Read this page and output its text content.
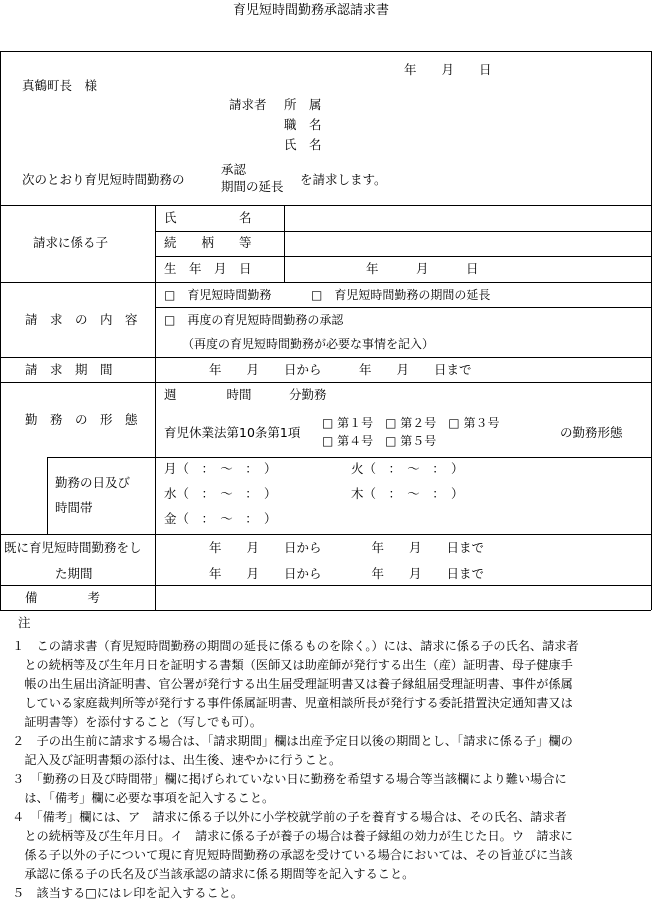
育児短時間勤務承認請求書
年　　月　　日
真鶴町長　様
請求者 所　属
職　名
氏　名
次のとおり育児短時間勤務の
承認
期間の延長 を請求します。
請求に係る子
氏　　　　　名
続　　柄　　等
生　年　月　日	年　　　月　　　日
請　求　の　内　容
□　育児短時間勤務	□　育児短時間勤務の期間の延長
□　再度の育児短時間勤務の承認
（再度の育児短時間勤務が必要な事情を記入）
請　求　期　間	年　　月　　日から　　　年　　月　　日まで
勤　務　の　形　態
週　　　　時間　　　分勤務
育児休業法第10条第1項
□ 第１号　□ 第２号　□ 第３号
□ 第４号　□ 第５号
の勤務形態
勤務の日及び
時間帯
月（　：　～　：　）	火（　：　～　：　）
水（　：　～　：　）	木（　：　～　：　）
金（　：　～　：　）
既に育児短時間勤務をし
た期間
年　　月　　日から　　　　年　　月　　日まで
年　　月　　日から　　　　年　　月　　日まで
備　　　　考
注

　１　この請求書（育児短時間勤務の期間の延長に係るものを除く。）には、請求に係る子の氏名、請求者

　　との続柄等及び生年月日を証明する書類（医師又は助産師が発行する出生（産）証明書、母子健康手

　　帳の出生届出済証明書、官公署が発行する出生届受理証明書又は養子縁組届受理証明書、事件が係属

　　している家庭裁判所等が発行する事件係属証明書、児童相談所長が発行する委託措置決定通知書又は

　　証明書等）を添付すること（写しでも可）。

　２　子の出生前に請求する場合は、「請求期間」欄は出産予定日以後の期間とし、「請求に係る子」欄の

　　記入及び証明書類の添付は、出生後、速やかに行うこと。

　３　「勤務の日及び時間帯」欄に掲げられていない日に勤務を希望する場合等当該欄により難い場合に

　　は、「備考」欄に必要な事項を記入すること。

　４　「備考」欄には、ア　請求に係る子以外に小学校就学前の子を養育する場合は、その氏名、請求者

　　との続柄等及び生年月日。イ　請求に係る子が養子の場合は養子縁組の効力が生じた日。ウ　請求に

　　係る子以外の子について現に育児短時間勤務の承認を受けている場合においては、その旨並びに当該

　　承認に係る子の氏名及び当該承認の請求に係る期間等を記入すること。

　５　該当する□にはレ印を記入すること。
